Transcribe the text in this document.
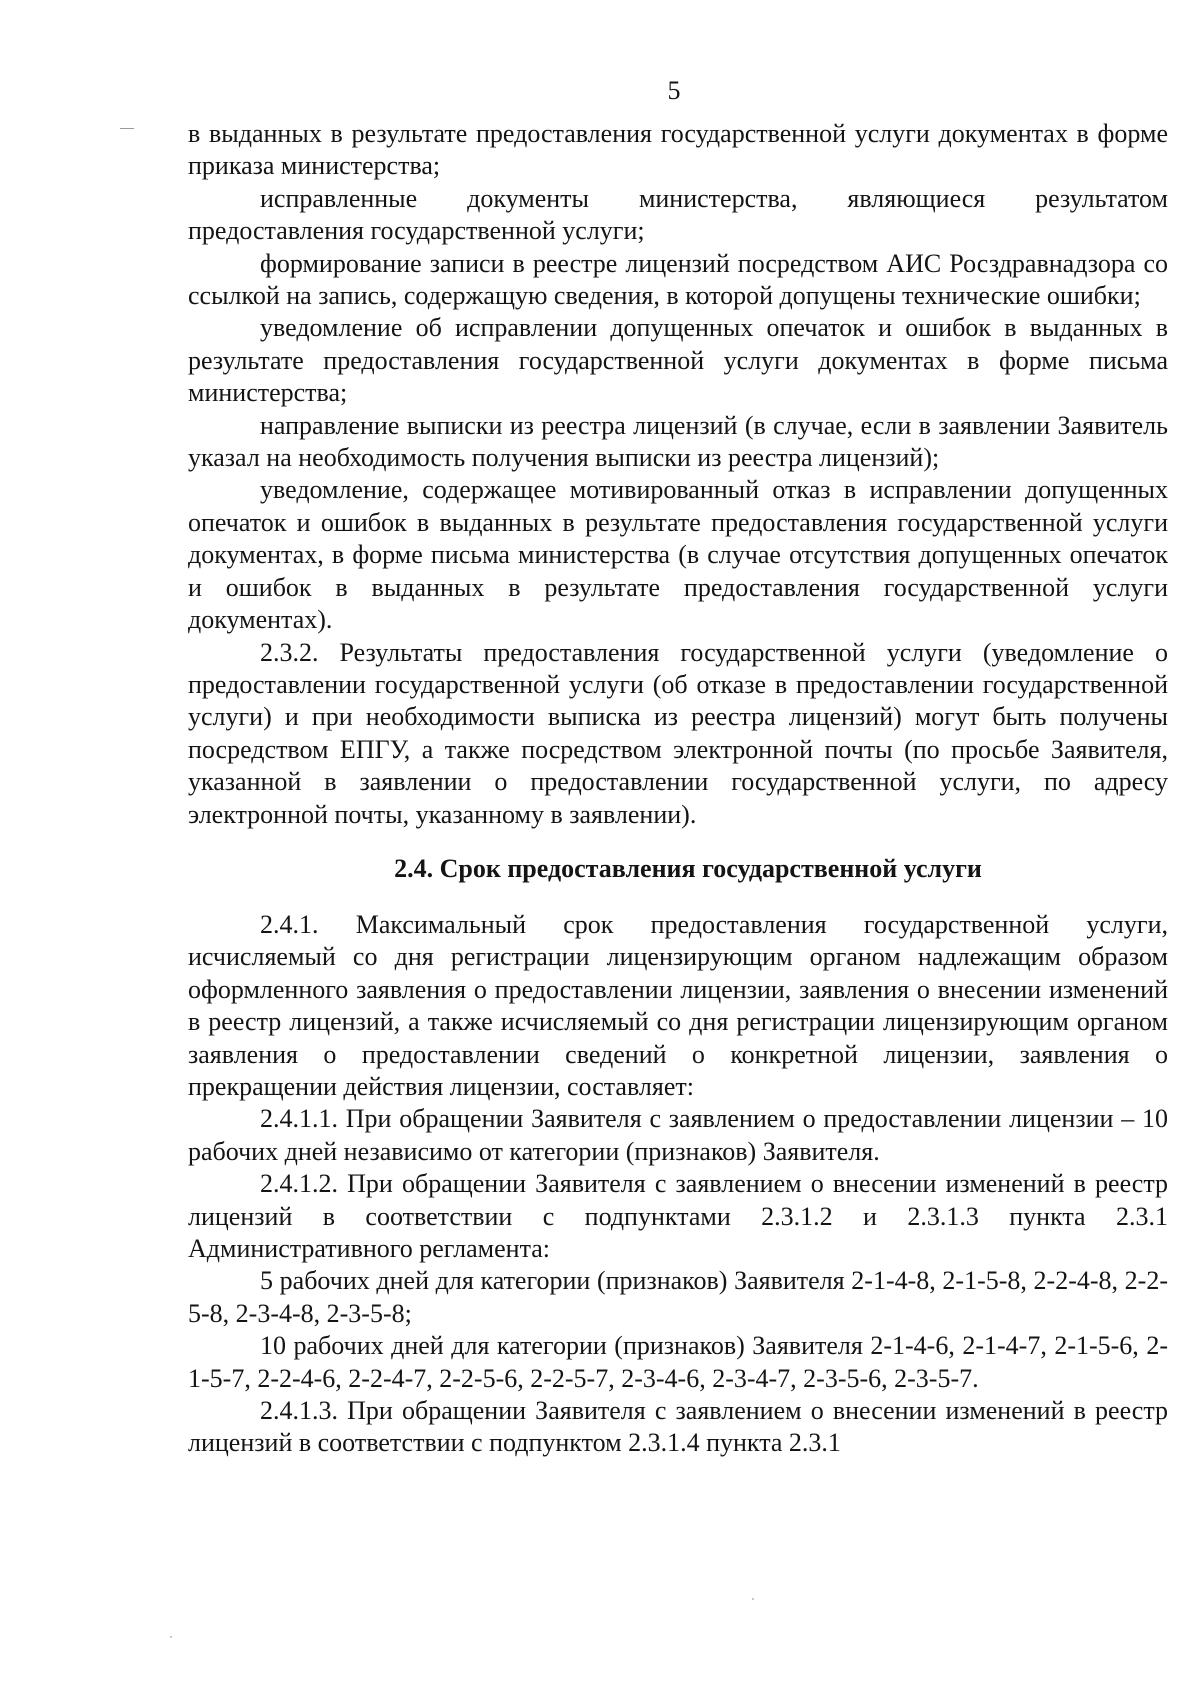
5

в выданных в результате предоставления государственной услуги документах в форме приказа министерства;

исправленные документы министерства, являющиеся результатом предоставления государственной услуги;

формирование записи в реестре лицензий посредством АИС Росздравнадзора со ссылкой на запись, содержащую сведения, в которой допущены технические ошибки;

уведомление об исправлении допущенных опечаток и ошибок в выданных в результате предоставления государственной услуги документах в форме письма министерства;

направление выписки из реестра лицензий (в случае, если в заявлении Заявитель указал на необходимость получения выписки из реестра лицензий);

уведомление, содержащее мотивированный отказ в исправлении допущенных опечаток и ошибок в выданных в результате предоставления государственной услуги документах, в форме письма министерства (в случае отсутствия допущенных опечаток и ошибок в выданных в результате предоставления государственной услуги документах).

2.3.2. Результаты предоставления государственной услуги (уведомление о предоставлении государственной услуги (об отказе в предоставлении государственной услуги) и при необходимости выписка из реестра лицензий) могут быть получены посредством ЕПГУ, а также посредством электронной почты (по просьбе Заявителя, указанной в заявлении о предоставлении государственной услуги, по адресу электронной почты, указанному в заявлении).

2.4. Срок предоставления государственной услуги

2.4.1. Максимальный срок предоставления государственной услуги, исчисляемый со дня регистрации лицензирующим органом надлежащим образом оформленного заявления о предоставлении лицензии, заявления о внесении изменений в реестр лицензий, а также исчисляемый со дня регистрации лицензирующим органом заявления о предоставлении сведений о конкретной лицензии, заявления о прекращении действия лицензии, составляет:

2.4.1.1. При обращении Заявителя с заявлением о предоставлении лицензии – 10 рабочих дней независимо от категории (признаков) Заявителя.

2.4.1.2. При обращении Заявителя с заявлением о внесении изменений в реестр лицензий в соответствии с подпунктами 2.3.1.2 и 2.3.1.3 пункта 2.3.1 Административного регламента:

5 рабочих дней для категории (признаков) Заявителя 2-1-4-8, 2-1-5-8, 2-2-4-8, 2-2-5-8, 2-3-4-8, 2-3-5-8;

10 рабочих дней для категории (признаков) Заявителя 2-1-4-6, 2-1-4-7, 2-1-5-6, 2-1-5-7, 2-2-4-6, 2-2-4-7, 2-2-5-6, 2-2-5-7, 2-3-4-6, 2-3-4-7, 2-3-5-6, 2-3-5-7.

2.4.1.3. При обращении Заявителя с заявлением о внесении изменений в реестр лицензий в соответствии с подпунктом 2.3.1.4 пункта 2.3.1
